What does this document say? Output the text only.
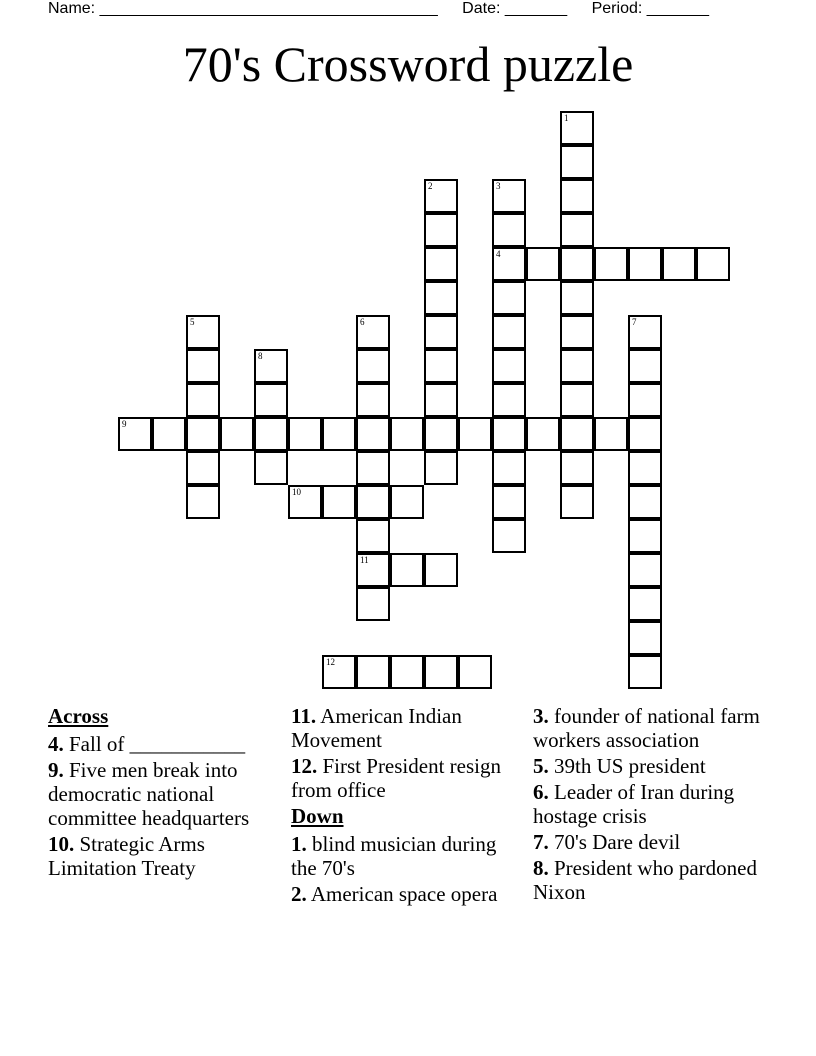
Name: ______________________________________ Date: _______ Period: _______
70's Crossword puzzle
1
2	3
4
5	6
11
7
8
9
10
12
Across
4. Fall of ___________
9. Five men break into democratic national committee headquarters
10. Strategic Arms Limitation Treaty
11. American Indian Movement
12. First President resign from office
Down
1. blind musician during the 70's
2. American space opera
3. founder of national farm workers association
5. 39th US president
6. Leader of Iran during hostage crisis
7. 70's Dare devil
8. President who pardoned Nixon
